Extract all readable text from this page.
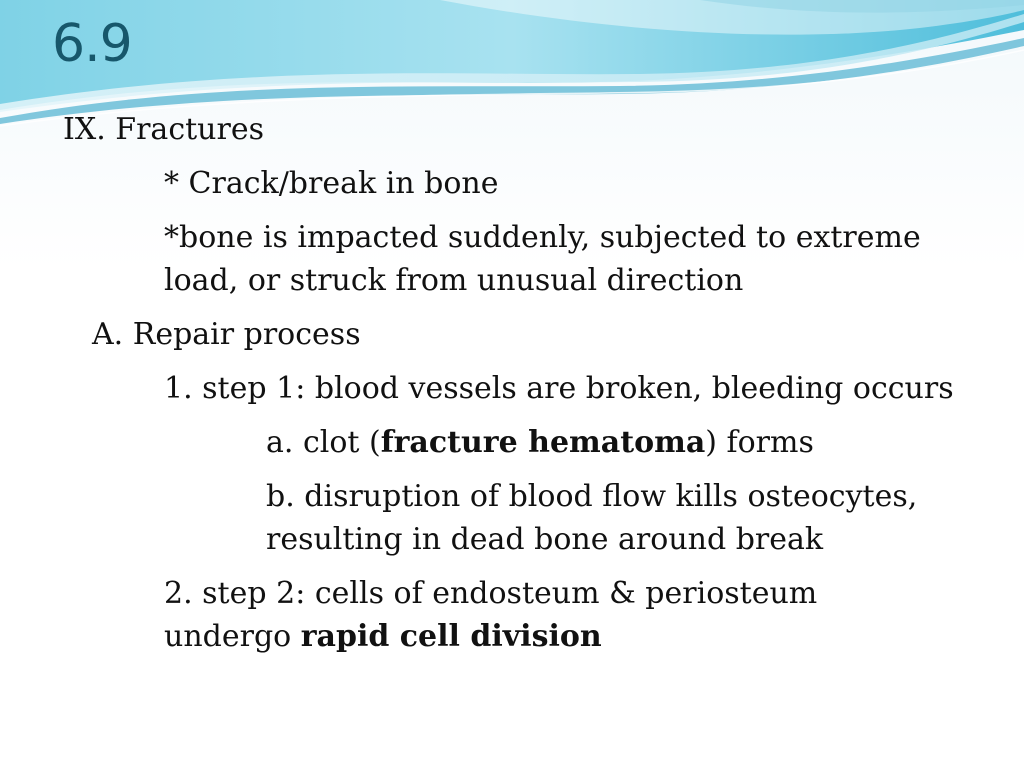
6.9

IX. Fractures

* Crack/break in bone

*bone is impacted suddenly, subjected to extreme

load, or struck from unusual direction

A. Repair process

1. step 1: blood vessels are broken, bleeding occurs

a. clot (fracture hematoma) forms

b. disruption of blood flow kills osteocytes,

resulting in dead bone around break

2. step 2: cells of endosteum & periosteum

undergo rapid cell division
